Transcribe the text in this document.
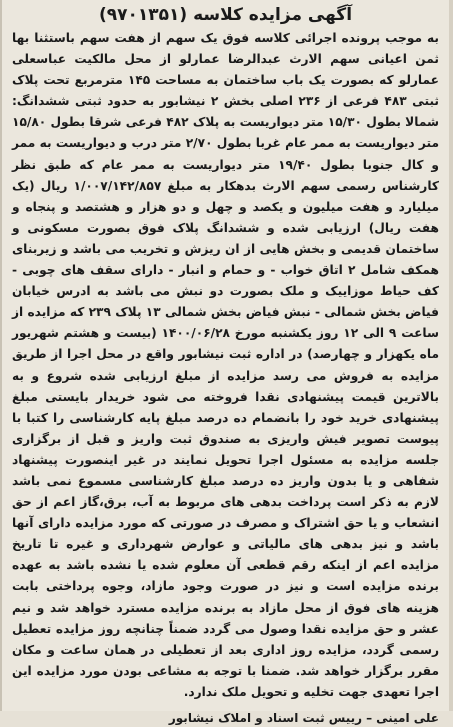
آگهی مزایده کلاسه (۹۷۰۱۳۵۱)

به موجب پرونده اجرائی کلاسه فوق یک سهم از هفت سهم باستثنا بها ثمن اعیانی سهم الارث عبدالرضا عمارلو از محل مالکیت عباسعلی عمارلو که بصورت یک باب ساختمان به مساحت ۱۴۵ مترمربع تحت پلاک ثبتی ۴۸۳ فرعی از ۲۳۶ اصلی بخش ۲ نیشابور به حدود ثبتی ششدانگ: شمالا بطول ۱۵/۳۰ متر دیواریست به پلاک ۴۸۲ فرعی شرقا بطول ۱۵/۸۰ متر دیواریست به ممر عام غربا بطول ۲/۷۰ متر درب و دیواریست به ممر و کال جنوبا بطول ۱۹/۴۰ متر دیواریست به ممر عام که طبق نظر کارشناس رسمی سهم الارث بدهکار به مبلغ ۱/۰۰۷/۱۴۲/۸۵۷ ریال (یک میلیارد و هفت میلیون و یکصد و چهل و دو هزار و هشتصد و پنجاه و هفت ریال) ارزیابی شده و ششدانگ پلاک فوق بصورت مسکونی و ساختمان قدیمی و بخش هایی از ان ریزش و تخریب می باشد و زیربنای همکف شامل ۲ اتاق خواب - و حمام و انبار - دارای سقف های چوبی - کف حیاط موزاییک و ملک بصورت دو نبش می باشد به ادرس خیابان فیاض بخش شمالی - نبش فیاض بخش شمالی ۱۳ پلاک ۲۳۹ که مزایده از ساعت ۹ الی ۱۲ روز یکشنبه مورخ ۱۴۰۰/۰۶/۲۸ (بیست و هشتم شهریور ماه یکهزار و چهارصد) در اداره ثبت نیشابور واقع در محل اجرا از طریق مزایده به فروش می رسد مزایده از مبلغ ارزیابی شده شروع و به بالاترین قیمت پیشنهادی نقدا فروخته می شود خریدار بایستی مبلغ پیشنهادی خرید خود را بانضمام ده درصد مبلغ پایه کارشناسی را کتبا با پیوست تصویر فیش واریزی به صندوق ثبت واریز و قبل از برگزاری جلسه مزایده به مسئول اجرا تحویل نمایند در غیر اینصورت پیشنهاد شفاهی و یا بدون واریز ده درصد مبلغ کارشناسی مسموع نمی باشد لازم به ذکر است پرداخت بدهی های مربوط به آب، برق،گاز اعم از حق انشعاب و یا حق اشتراک و مصرف در صورتی که مورد مزایده دارای آنها باشد و نیز بدهی های مالیاتی و عوارض شهرداری و غیره تا تاریخ مزایده اعم از اینکه رقم قطعی آن معلوم شده یا نشده باشد به عهده برنده مزایده است و نیز در صورت وجود مازاد، وجوه پرداختی بابت هزینه های فوق از محل مازاد به برنده مزایده مسترد خواهد شد و نیم عشر و حق مزایده نقدا وصول می گردد ضمناً چنانچه روز مزایده تعطیل رسمی گردد، مزایده روز اداری بعد از تعطیلی در همان ساعت و مکان مقرر برگزار خواهد شد. ضمنا با توجه به مشاعی بودن مورد مزایده این اجرا تعهدی جهت تخلیه و تحویل ملک ندارد.

علی امینی–رییس ثبت اسناد و املاک نیشابور
